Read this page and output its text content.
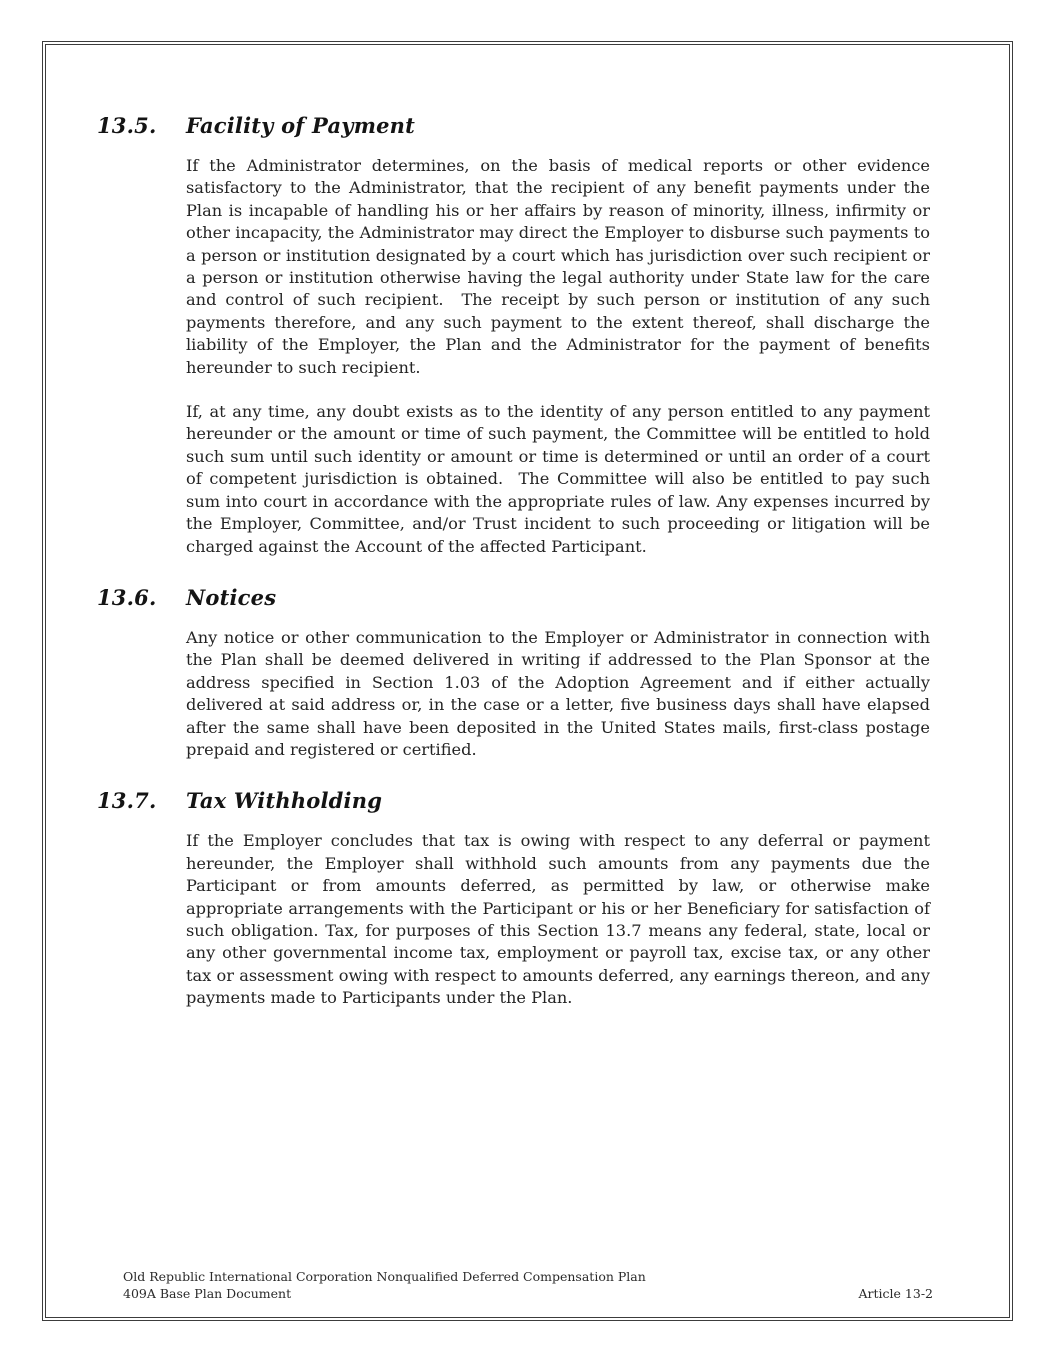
13.5.	Facility of Payment

If the Administrator determines, on the basis of medical reports or other evidence satisfactory to the Administrator, that the recipient of any benefit payments under the Plan is incapable of handling his or her affairs by reason of minority, illness, infirmity or other incapacity, the Administrator may direct the Employer to disburse such payments to a person or institution designated by a court which has jurisdiction over such recipient or a person or institution otherwise having the legal authority under State law for the care and control of such recipient.  The receipt by such person or institution of any such payments therefore, and any such payment to the extent thereof, shall discharge the liability of the Employer, the Plan and the Administrator for the payment of benefits hereunder to such recipient.

If, at any time, any doubt exists as to the identity of any person entitled to any payment hereunder or the amount or time of such payment, the Committee will be entitled to hold such sum until such identity or amount or time is determined or until an order of a court of competent jurisdiction is obtained.  The Committee will also be entitled to pay such sum into court in accordance with the appropriate rules of law. Any expenses incurred by the Employer, Committee, and/or Trust incident to such proceeding or litigation will be charged against the Account of the affected Participant.

13.6.	Notices

Any notice or other communication to the Employer or Administrator in connection with the Plan shall be deemed delivered in writing if addressed to the Plan Sponsor at the address specified in Section 1.03 of the Adoption Agreement and if either actually delivered at said address or, in the case or a letter, five business days shall have elapsed after the same shall have been deposited in the United States mails, first-class postage prepaid and registered or certified.

13.7.	Tax Withholding

If the Employer concludes that tax is owing with respect to any deferral or payment hereunder, the Employer shall withhold such amounts from any payments due the Participant or from amounts deferred, as permitted by law, or otherwise make appropriate arrangements with the Participant or his or her Beneficiary for satisfaction of such obligation. Tax, for purposes of this Section 13.7 means any federal, state, local or any other governmental income tax, employment or payroll tax, excise tax, or any other tax or assessment owing with respect to amounts deferred, any earnings thereon, and any payments made to Participants under the Plan.

Old Republic International Corporation Nonqualified Deferred Compensation Plan
409A Base Plan Document	Article 13-2
